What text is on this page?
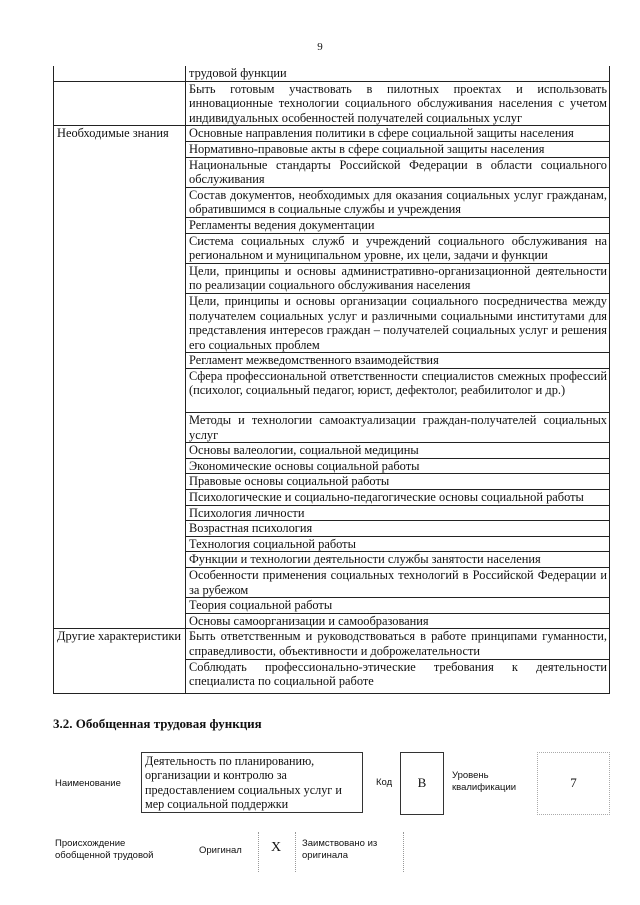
9
	трудовой функции
	Быть готовым участвовать в пилотных проектах и использовать инновационные технологии социального обслуживания населения с учетом индивидуальных особенностей получателей социальных услуг
Необходимые знания	Основные направления политики в сфере социальной защиты населения
	Нормативно-правовые акты в сфере социальной защиты населения
	Национальные стандарты Российской Федерации в области социального обслуживания
	Состав документов, необходимых для оказания социальных услуг гражданам, обратившимся в социальные службы и учреждения
	Регламенты ведения документации
	Система социальных служб и учреждений социального обслуживания на региональном и муниципальном уровне, их цели, задачи и функции
	Цели, принципы и основы административно-организационной деятельности по реализации социального обслуживания населения
	Цели, принципы и основы организации социального посредничества между получателем социальных услуг и различными социальными институтами для представления интересов граждан – получателей социальных услуг и решения его социальных проблем
	Регламент межведомственного взаимодействия
	Сфера профессиональной ответственности специалистов смежных профессий (психолог, социальный педагог, юрист, дефектолог, реабилитолог и др.)
	Методы и технологии самоактуализации граждан-получателей социальных услуг
	Основы валеологии, социальной медицины
	Экономические основы социальной работы
	Правовые основы социальной работы
	Психологические и социально-педагогические основы социальной работы
	Психология личности
	Возрастная психология
	Технология социальной работы
	Функции и технологии деятельности службы занятости населения
	Особенности применения социальных технологий в Российской Федерации и за рубежом
	Теория социальной работы
	Основы самоорганизации и самообразования
Другие характеристики	Быть ответственным и руководствоваться в работе принципами гуманности, справедливости, объективности и доброжелательности
	Соблюдать профессионально-этические требования к деятельности специалиста по социальной работе
3.2. Обобщенная трудовая функция
Наименование
Деятельность по планированию, организации и контролю за предоставлением социальных услуг и мер социальной поддержки
Код	B	Уровень квалификации	7
Происхождение обобщенной трудовой	Оригинал X Заимствовано из оригинала
